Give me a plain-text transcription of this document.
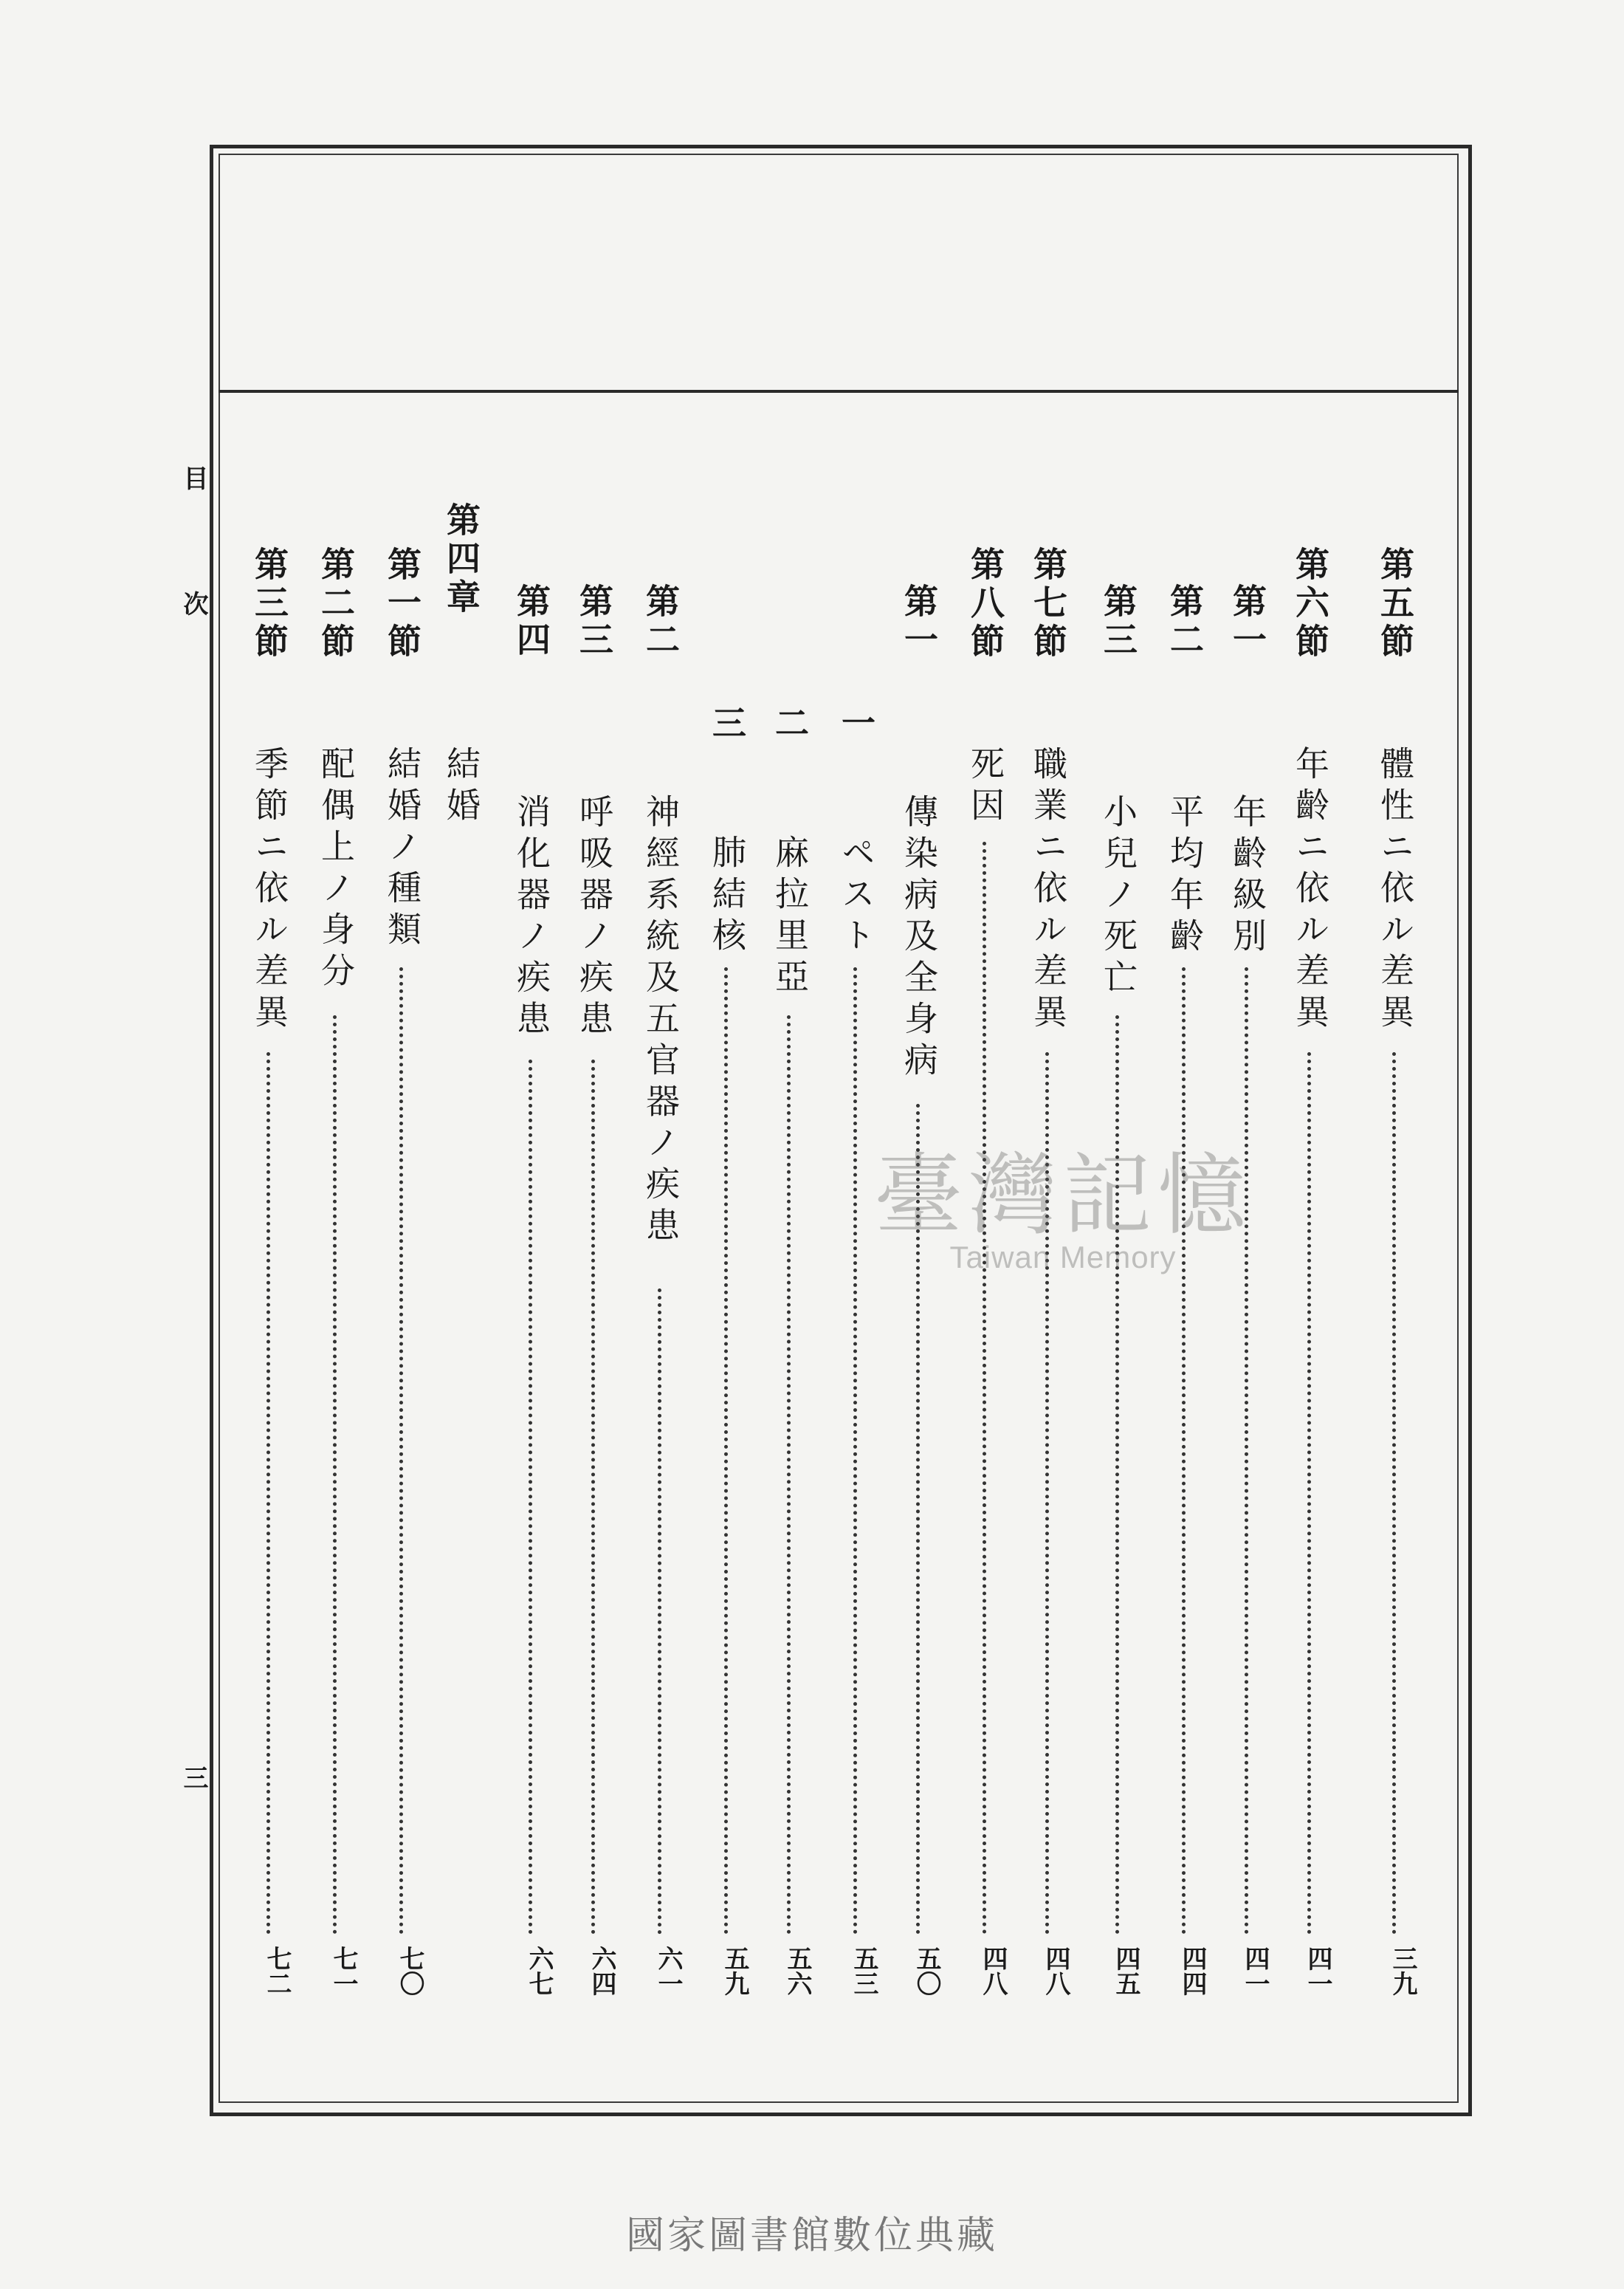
目
次
三
第五節
體性ニ依ル差異
三九
第六節
年齡ニ依ル差異
四一
第一
年齡級別
四一
第二
平均年齡
四四
第三
小兒ノ死亡
四五
第七節
職業ニ依ル差異
四八
第八節
死因
四八
第一
傳染病及全身病
五〇
一
ペスト
五三
二
麻拉里亞
五六
三
肺結核
五九
第二
神經系統及五官器ノ疾患
六一
第三
呼吸器ノ疾患
六四
第四
消化器ノ疾患
六七
第四章
結婚
第一節
結婚ノ種類
七〇
第二節
配偶上ノ身分
七一
第三節
季節ニ依ル差異
七二
臺灣記憶
Taiwan Memory
國家圖書館數位典藏
